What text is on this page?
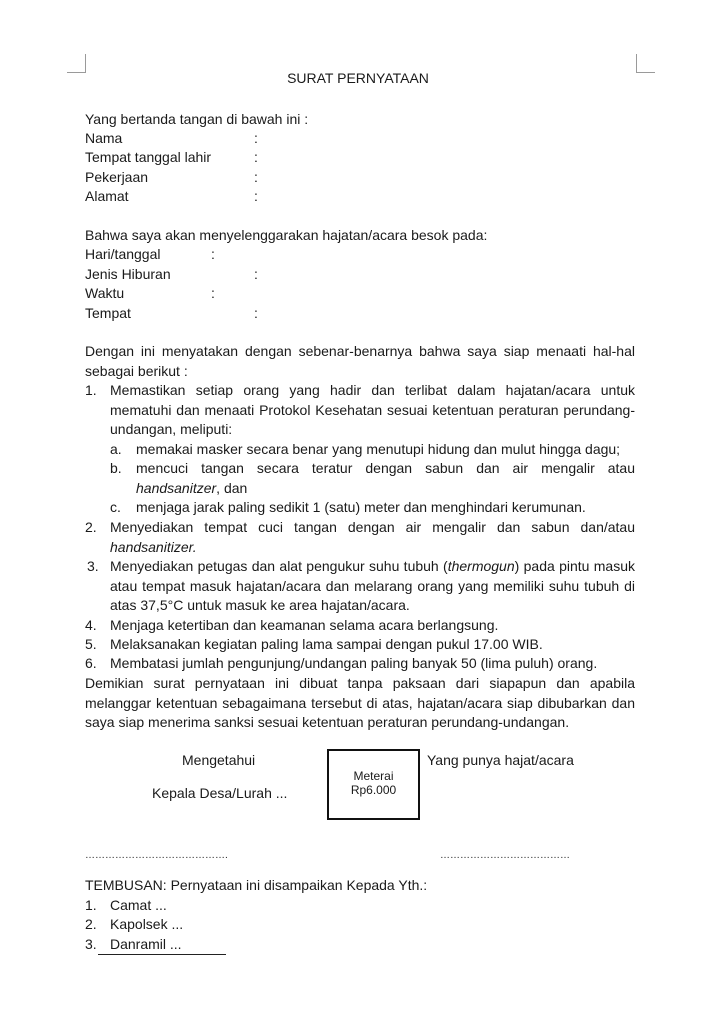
SURAT PERNYATAAN
Yang bertanda tangan di bawah ini :
Nama	:
Tempat tanggal lahir	:
Pekerjaan	:
Alamat	:
Bahwa saya akan menyelenggarakan hajatan/acara besok pada:
Hari/tanggal	:
Jenis Hiburan	:
Waktu	:
Tempat	:
Dengan ini menyatakan dengan sebenar-benarnya bahwa saya siap menaati hal-hal sebagai berikut :
1. Memastikan setiap orang yang hadir dan terlibat dalam hajatan/acara untuk mematuhi dan menaati Protokol Kesehatan sesuai ketentuan peraturan perundang-undangan, meliputi:
a. memakai masker secara benar yang menutupi hidung dan mulut hingga dagu;
b. mencuci tangan secara teratur dengan sabun dan air mengalir atau handsanitzer, dan
c. menjaga jarak paling sedikit 1 (satu) meter dan menghindari kerumunan.
2. Menyediakan tempat cuci tangan dengan air mengalir dan sabun dan/atau handsanitizer.
3. Menyediakan petugas dan alat pengukur suhu tubuh (thermogun) pada pintu masuk atau tempat masuk hajatan/acara dan melarang orang yang memiliki suhu tubuh di atas 37,5°C untuk masuk ke area hajatan/acara.
4. Menjaga ketertiban dan keamanan selama acara berlangsung.
5. Melaksanakan kegiatan paling lama sampai dengan pukul 17.00 WIB.
6. Membatasi jumlah pengunjung/undangan paling banyak 50 (lima puluh) orang.
Demikian surat pernyataan ini dibuat tanpa paksaan dari siapapun dan apabila melanggar ketentuan sebagaimana tersebut di atas, hajatan/acara siap dibubarkan dan saya siap menerima sanksi sesuai ketentuan peraturan perundang-undangan.
Mengetahui
Kepala Desa/Lurah ...
Meterai
Rp6.000
Yang punya hajat/acara
…………………………………….	…………………………………
TEMBUSAN: Pernyataan ini disampaikan Kepada Yth.:
1. Camat ...
2. Kapolsek ...
3. Danramil ...
